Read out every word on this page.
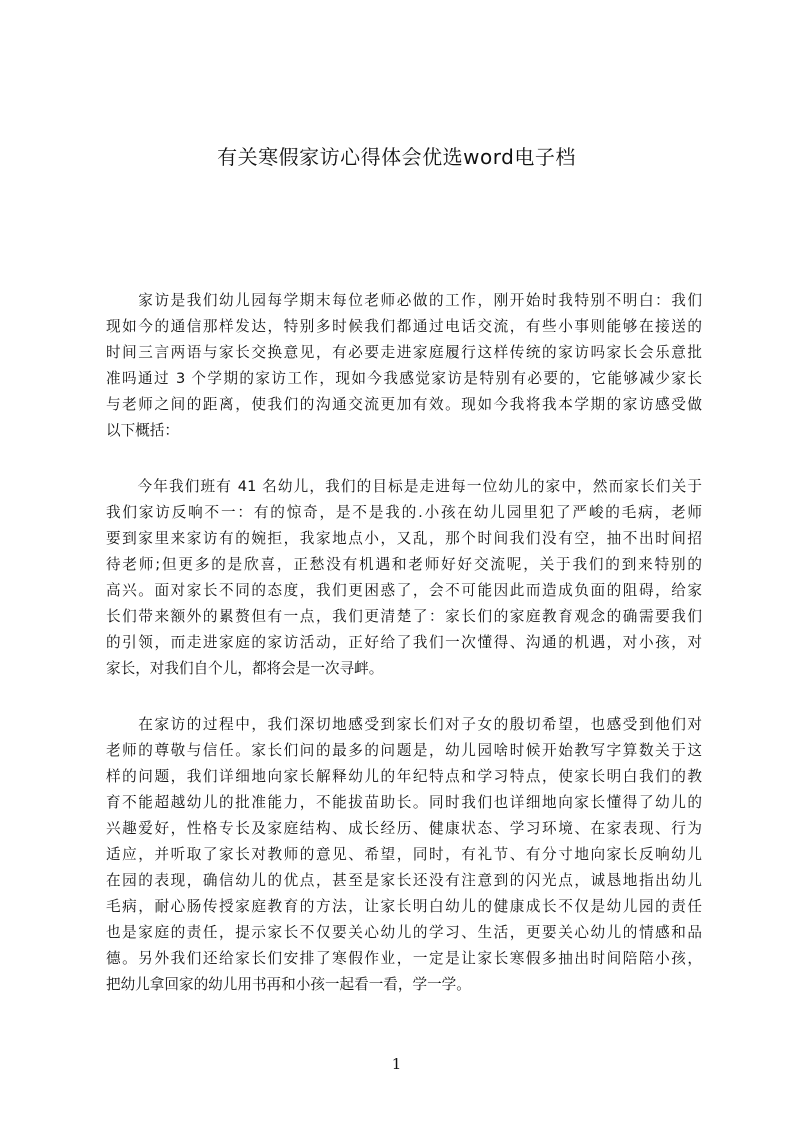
有关寒假家访心得体会优选word电子档

　　家访是我们幼儿园每学期末每位老师必做的工作，刚开始时我特别不明白：我们
现如今的通信那样发达，特别多时候我们都通过电话交流，有些小事则能够在接送的
时间三言两语与家长交换意见，有必要走进家庭履行这样传统的家访吗家长会乐意批
准吗通过 3 个学期的家访工作，现如今我感觉家访是特别有必要的，它能够减少家长
与老师之间的距离，使我们的沟通交流更加有效。现如今我将我本学期的家访感受做
以下概括：

　　今年我们班有 41 名幼儿，我们的目标是走进每一位幼儿的家中，然而家长们关于
我们家访反响不一：有的惊奇，是不是我的.小孩在幼儿园里犯了严峻的毛病，老师
要到家里来家访有的婉拒，我家地点小，又乱，那个时间我们没有空，抽不出时间招
待老师;但更多的是欣喜，正愁没有机遇和老师好好交流呢，关于我们的到来特别的
高兴。面对家长不同的态度，我们更困惑了，会不可能因此而造成负面的阻碍，给家
长们带来额外的累赘但有一点，我们更清楚了：家长们的家庭教育观念的确需要我们
的引领，而走进家庭的家访活动，正好给了我们一次懂得、沟通的机遇，对小孩，对
家长，对我们自个儿，都将会是一次寻衅。

　　在家访的过程中，我们深切地感受到家长们对子女的殷切希望，也感受到他们对
老师的尊敬与信任。家长们问的最多的问题是，幼儿园啥时候开始教写字算数关于这
样的问题，我们详细地向家长解释幼儿的年纪特点和学习特点，使家长明白我们的教
育不能超越幼儿的批准能力，不能拔苗助长。同时我们也详细地向家长懂得了幼儿的
兴趣爱好，性格专长及家庭结构、成长经历、健康状态、学习环境、在家表现、行为
适应，并听取了家长对教师的意见、希望，同时，有礼节、有分寸地向家长反响幼儿
在园的表现，确信幼儿的优点，甚至是家长还没有注意到的闪光点，诚恳地指出幼儿
毛病，耐心肠传授家庭教育的方法，让家长明白幼儿的健康成长不仅是幼儿园的责任
也是家庭的责任，提示家长不仅要关心幼儿的学习、生活，更要关心幼儿的情感和品
德。另外我们还给家长们安排了寒假作业，一定是让家长寒假多抽出时间陪陪小孩，
把幼儿拿回家的幼儿用书再和小孩一起看一看，学一学。

1
